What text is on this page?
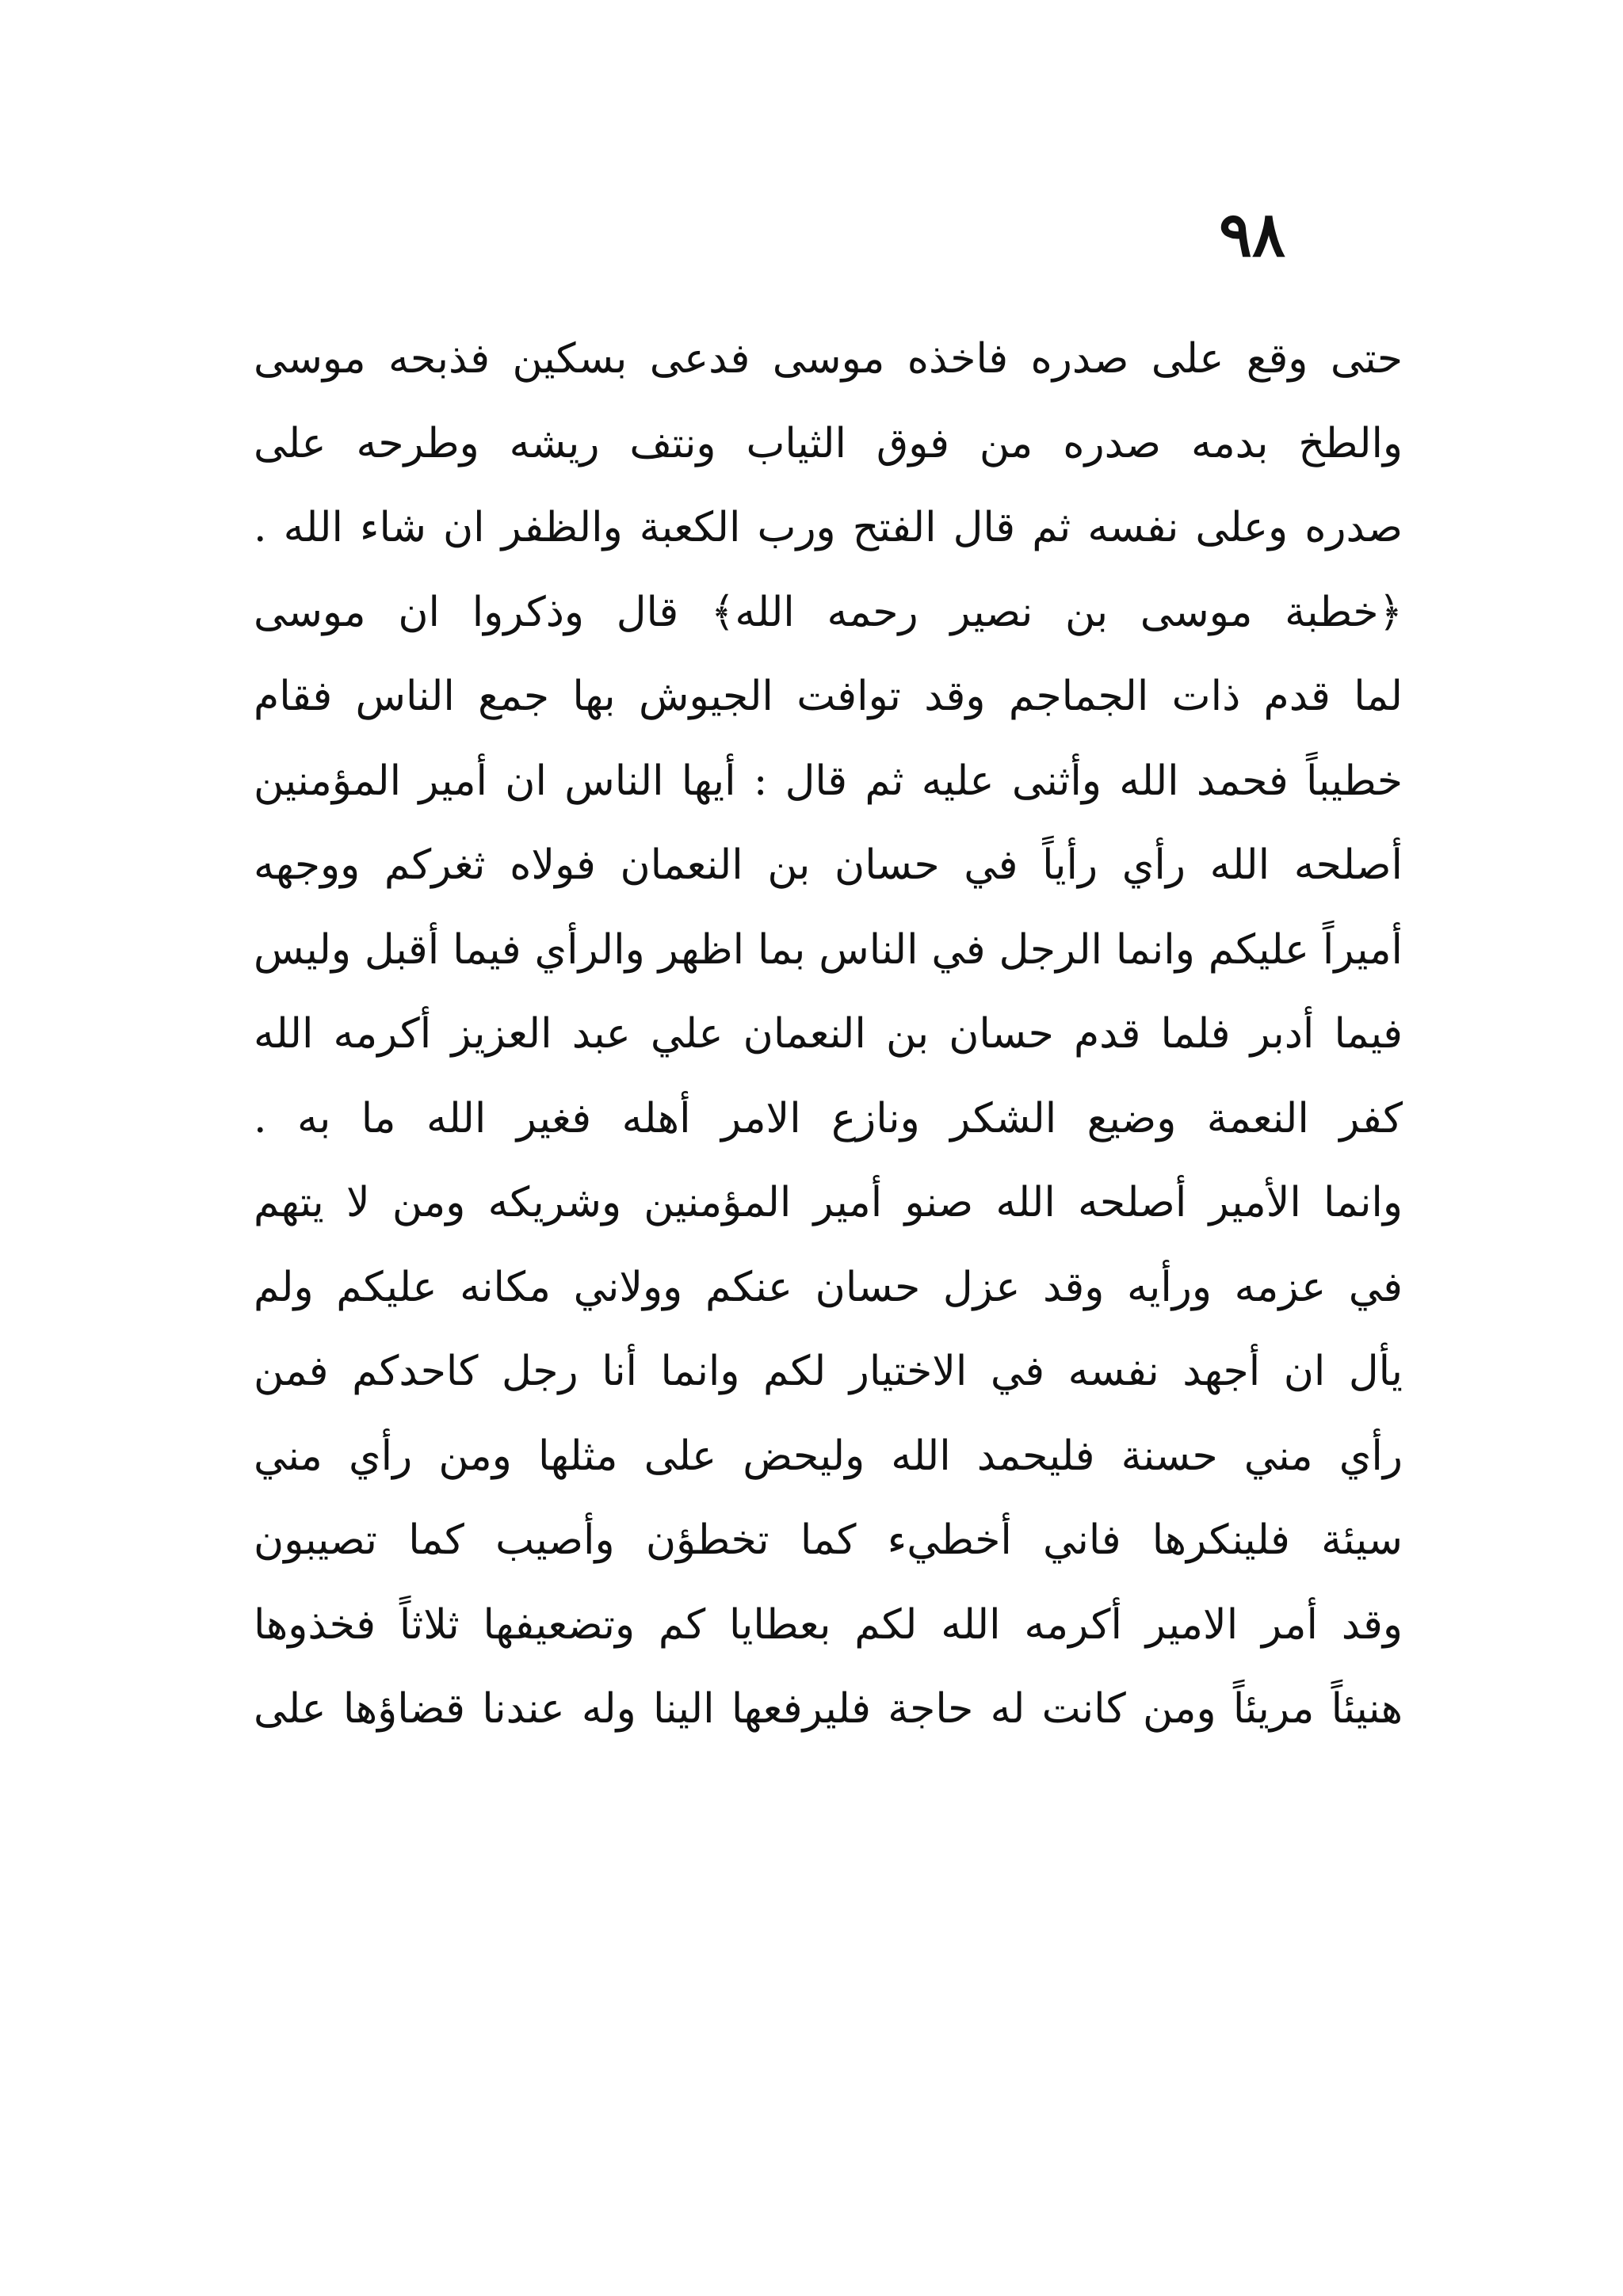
٩٨
حتى وقع على صدره فاخذه موسى فدعى بسكين فذبحه موسى
والطخ بدمه صدره من فوق الثياب ونتف ريشه وطرحه على
صدره وعلى نفسه ثم قال الفتح ورب الكعبة والظفر ان شاء الله .
﴿خطبة موسى بن نصير رحمه الله﴾ قال وذكروا ان موسى
لما قدم ذات الجماجم وقد توافت الجيوش بها جمع الناس فقام
خطيباً فحمد الله وأثنى عليه ثم قال : أيها الناس ان أمير المؤمنين
أصلحه الله رأي رأياً في حسان بن النعمان فولاه ثغركم ووجهه
أميراً عليكم وانما الرجل في الناس بما اظهر والرأي فيما أقبل وليس
فيما أدبر فلما قدم حسان بن النعمان علي عبد العزيز أكرمه الله
كفر النعمة وضيع الشكر ونازع الامر أهله فغير الله ما به .
وانما الأمير أصلحه الله صنو أمير المؤمنين وشريكه ومن لا يتهم
في عزمه ورأيه وقد عزل حسان عنكم وولاني مكانه عليكم ولم
يأل ان أجهد نفسه في الاختيار لكم وانما أنا رجل كاحدكم فمن
رأي مني حسنة فليحمد الله وليحض على مثلها ومن رأي مني
سيئة فلينكرها فاني أخطيء كما تخطؤن وأصيب كما تصيبون
وقد أمر الامير أكرمه الله لكم بعطايا كم وتضعيفها ثلاثاً فخذوها
هنيئاً مريئاً ومن كانت له حاجة فليرفعها الينا وله عندنا قضاؤها على
